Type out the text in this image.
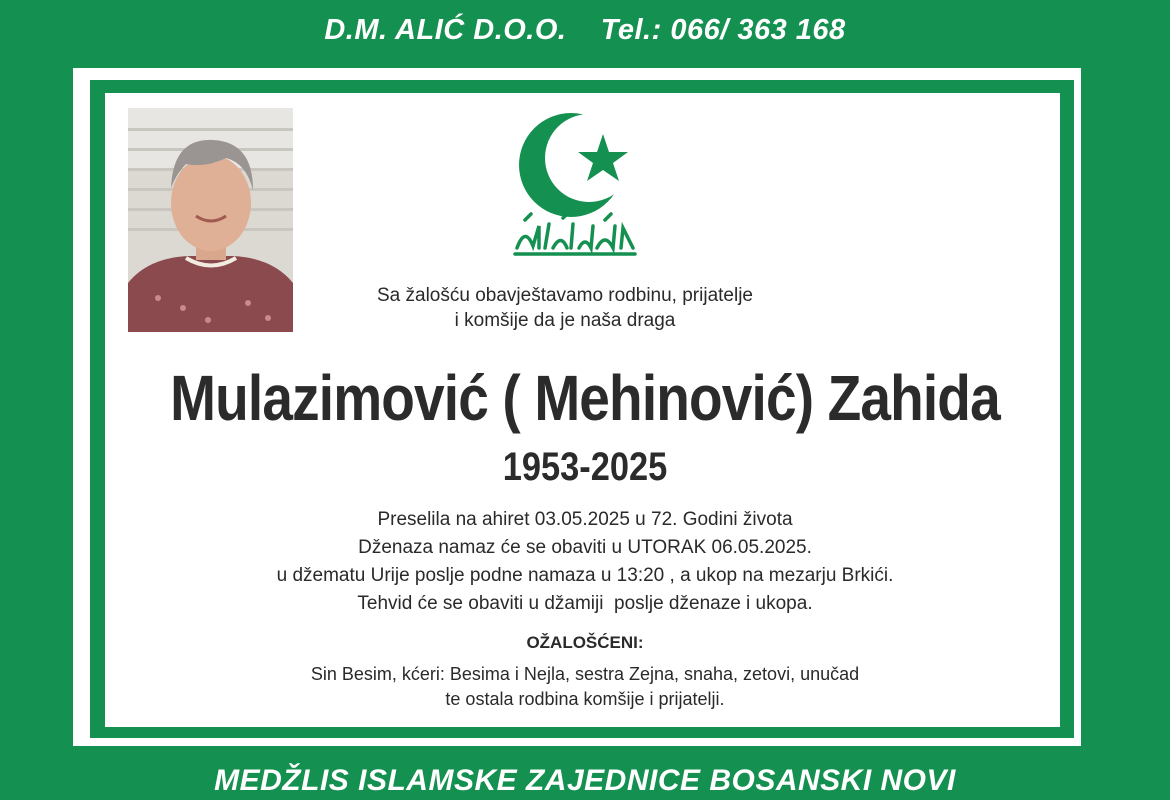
D.M. ALIĆ D.O.O. Tel.: 066/ 363 168
Sa žalošću obavještavamo rodbinu, prijatelje
i komšije da je naša draga
Mulazimović ( Mehinović) Zahida
1953-2025
Preselila na ahiret 03.05.2025 u 72. Godini života
Dženaza namaz će se obaviti u UTORAK 06.05.2025.
u džematu Urije poslje podne namaza u 13:20 , a ukop na mezarju Brkići.
Tehvid će se obaviti u džamiji  poslje dženaze i ukopa.
OŽALOŠĆENI:
Sin Besim, kćeri: Besima i Nejla, sestra Zejna, snaha, zetovi, unučad
te ostala rodbina komšije i prijatelji.
MEDŽLIS ISLAMSKE ZAJEDNICE BOSANSKI NOVI
